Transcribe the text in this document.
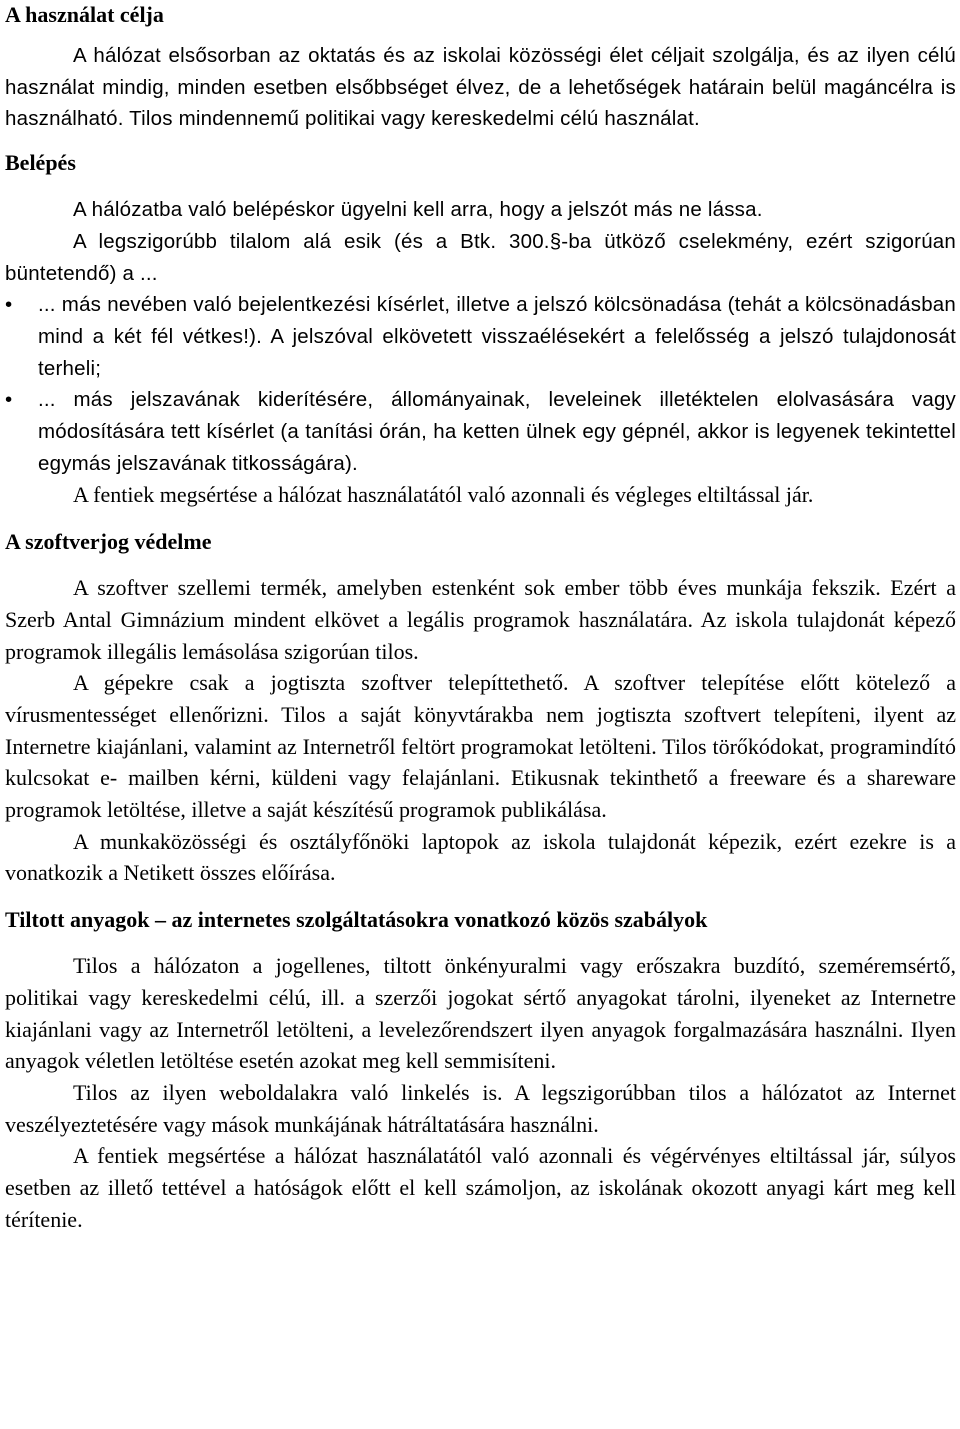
A használat célja

A hálózat elsősorban az oktatás és az iskolai közösségi élet céljait szolgálja, és az ilyen célú használat mindig, minden esetben elsőbbséget élvez, de a lehetőségek határain belül magáncélra is használható. Tilos mindennemű politikai vagy kereskedelmi célú használat.

Belépés

A hálózatba való belépéskor ügyelni kell arra, hogy a jelszót más ne lássa.

A legszigorúbb tilalom alá esik (és a Btk. 300.§-ba ütköző cselekmény, ezért szigorúan büntetendő) a ...

•	... más nevében való bejelentkezési kísérlet, illetve a jelszó kölcsönadása (tehát a kölcsönadásban mind a két fél vétkes!). A jelszóval elkövetett visszaélésekért a felelősség a jelszó tulajdonosát terheli;
•	... más jelszavának kiderítésére, állományainak, leveleinek illetéktelen elolvasására vagy módosítására tett kísérlet (a tanítási órán, ha ketten ülnek egy gépnél, akkor is legyenek tekintettel egymás jelszavának titkosságára).

A fentiek megsértése a hálózat használatától való azonnali és végleges eltiltással jár.

A szoftverjog védelme

A szoftver szellemi termék, amelyben estenként sok ember több éves munkája fekszik. Ezért a Szerb Antal Gimnázium mindent elkövet a legális programok használatára. Az iskola tulajdonát képező programok illegális lemásolása szigorúan tilos.

A gépekre csak a jogtiszta szoftver telepíttethető. A szoftver telepítése előtt kötelező a vírusmentességet ellenőrizni. Tilos a saját könyvtárakba nem jogtiszta szoftvert telepíteni, ilyent az Internetre kiajánlani, valamint az Internetről feltört programokat letölteni. Tilos törőkódokat, programindító kulcsokat e- mailben kérni, küldeni vagy felajánlani. Etikusnak tekinthető a freeware és a shareware programok letöltése, illetve a saját készítésű programok publikálása.

A munkaközösségi és osztályfőnöki laptopok az iskola tulajdonát képezik, ezért ezekre is a vonatkozik a Netikett összes előírása.

Tiltott anyagok – az internetes szolgáltatásokra vonatkozó közös szabályok

Tilos a hálózaton a jogellenes, tiltott önkényuralmi vagy erőszakra buzdító, szeméremsértő, politikai vagy kereskedelmi célú, ill. a szerzői jogokat sértő anyagokat tárolni, ilyeneket az Internetre kiajánlani vagy az Internetről letölteni, a levelezőrendszert ilyen anyagok forgalmazására használni. Ilyen anyagok véletlen letöltése esetén azokat meg kell semmisíteni.

Tilos az ilyen weboldalakra való linkelés is. A legszigorúbban tilos a hálózatot az Internet veszélyeztetésére vagy mások munkájának hátráltatására használni.

A fentiek megsértése a hálózat használatától való azonnali és végérvényes eltiltással jár, súlyos esetben az illető tettével a hatóságok előtt el kell számoljon, az iskolának okozott anyagi kárt meg kell térítenie.
